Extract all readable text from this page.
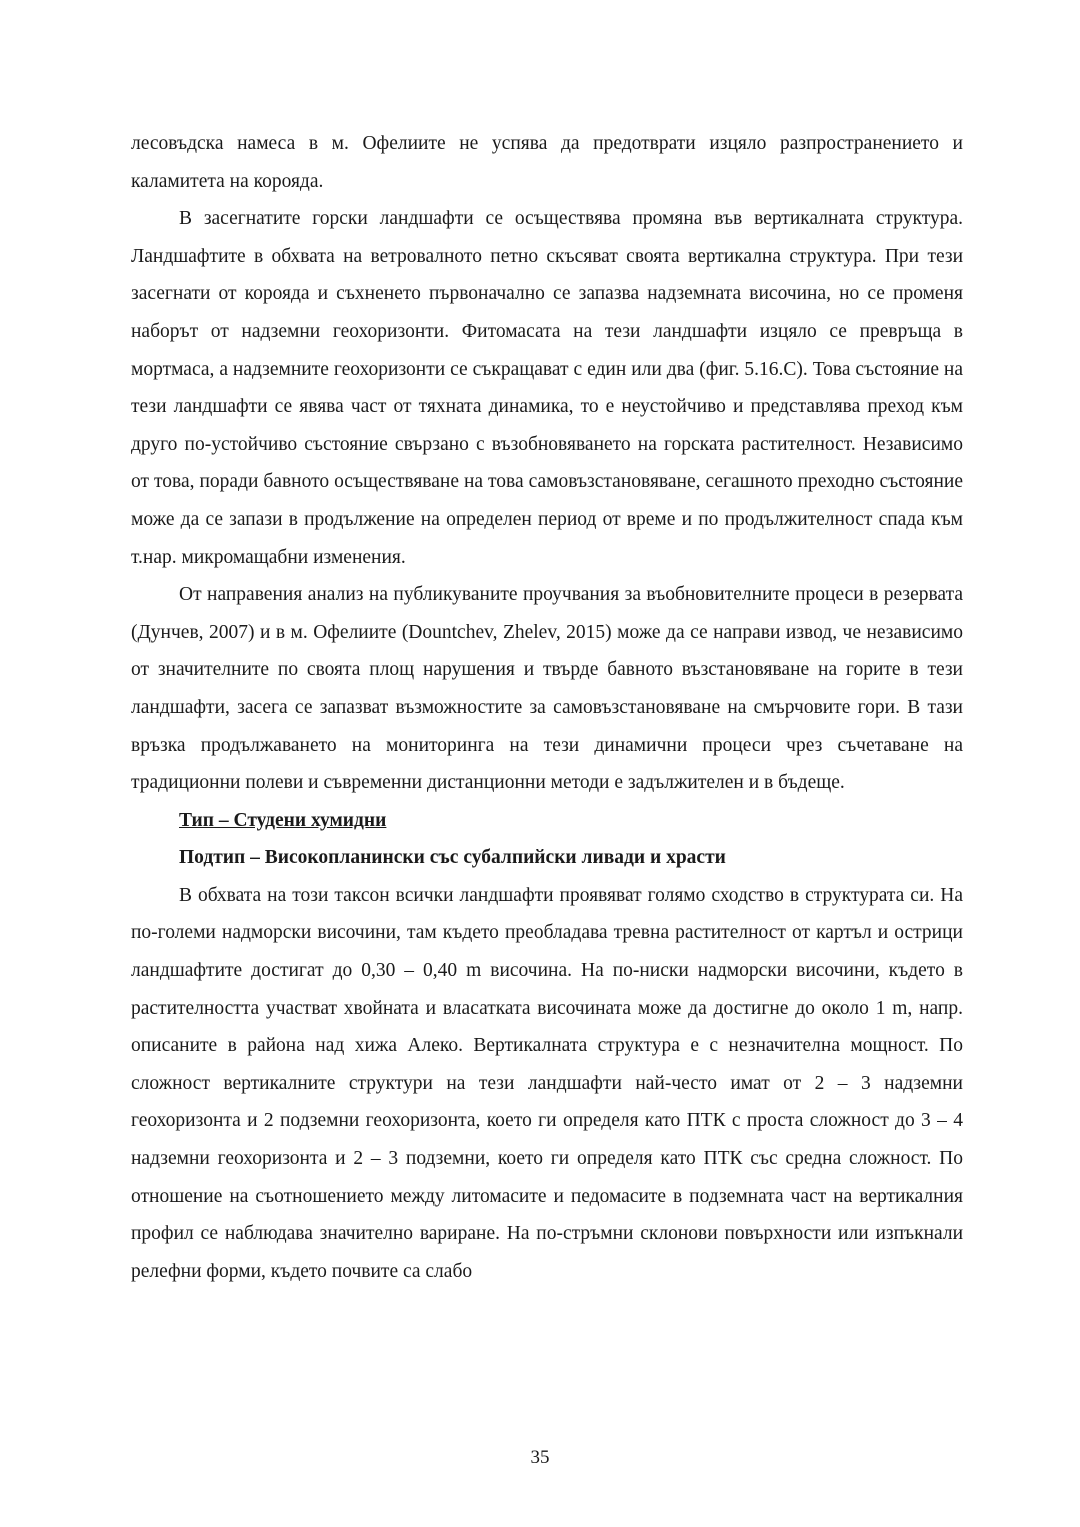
лесовъдска намеса в м. Офелиите не успява да предотврати изцяло разпространението и каламитета на корояда.

В засегнатите горски ландшафти се осъществява промяна във вертикалната структура. Ландшафтите в обхвата на ветровалното петно скъсяват своята вертикална структура. При тези засегнати от корояда и съхненето първоначално се запазва надземната височина, но се променя наборът от надземни геохоризонти. Фитомасата на тези ландшафти изцяло се превръща в мортмаса, а надземните геохоризонти се съкращават с един или два (фиг. 5.16.С). Това състояние на тези ландшафти се явява част от тяхната динамика, то е неустойчиво и представлява преход към друго по-устойчиво състояние свързано с възобновяването на горската растителност. Независимо от това, поради бавното осъществяване на това самовъзстановяване, сегашното преходно състояние може да се запази в продължение на определен период от време и по продължителност спада към т.нар. микромащабни изменения.

От направения анализ на публикуваните проучвания за въобновителните процеси в резервата (Дунчев, 2007) и в м. Офелиите (Dountchev, Zhelev, 2015) може да се направи извод, че независимо от значителните по своята площ нарушения и твърде бавното възстановяване на горите в тези ландшафти, засега се запазват възможностите за самовъзстановяване на смърчовите гори. В тази връзка продължаването на мониторинга на тези динамични процеси чрез съчетаване на традиционни полеви и съвременни дистанционни методи е задължителен и в бъдеще.

Тип – Студени хумидни

Подтип – Високопланински със субалпийски ливади и храсти

В обхвата на този таксон всички ландшафти проявяват голямо сходство в структурата си. На по-големи надморски височини, там където преобладава тревна растителност от картъл и острици ландшафтите достигат до 0,30 – 0,40 m височина. На по-ниски надморски височини, където в растителността участват хвойната и власатката височината може да достигне до около 1 m, напр. описаните в района над хижа Алеко. Вертикалната структура е с незначителна мощност. По сложност вертикалните структури на тези ландшафти най-често имат от 2 – 3 надземни геохоризонта и 2 подземни геохоризонта, което ги определя като ПТК с проста сложност до 3 – 4 надземни геохоризонта и 2 – 3 подземни, което ги определя като ПТК със средна сложност. По отношение на съотношението между литомасите и педомасите в подземната част на вертикалния профил се наблюдава значително вариране. На по-стръмни склонови повърхности или изпъкнали релефни форми, където почвите са слабо

35
